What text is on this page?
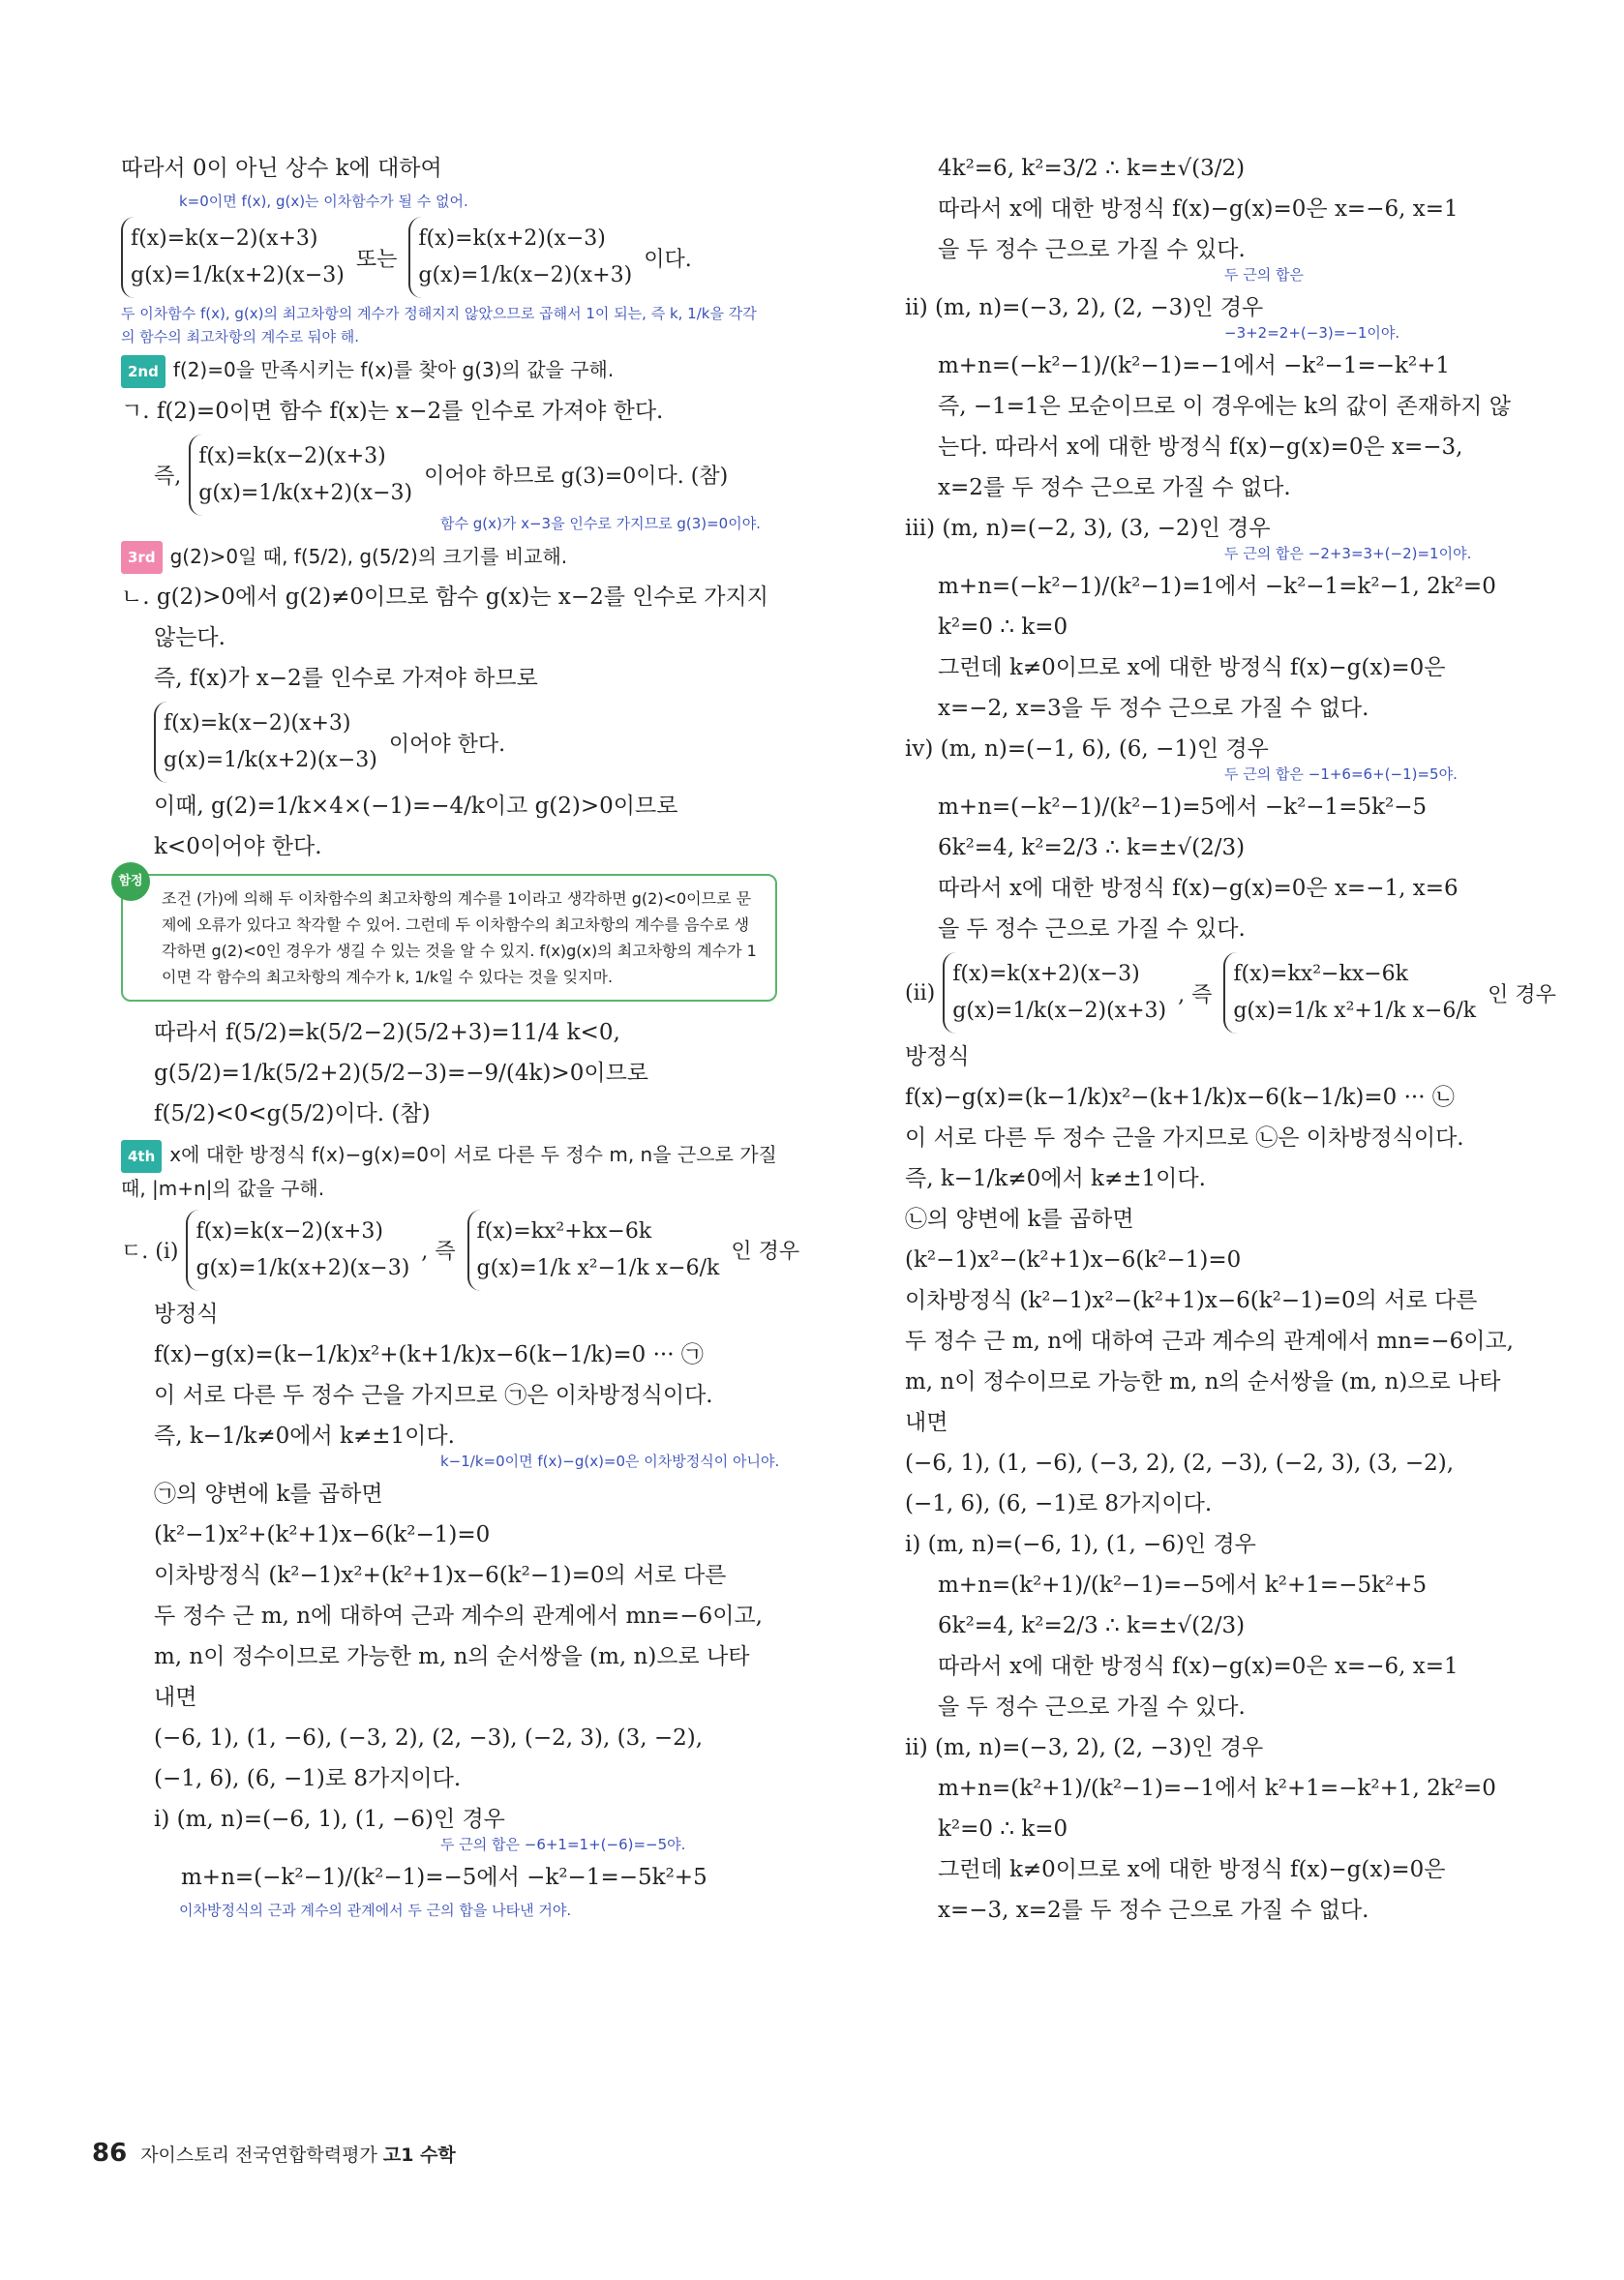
따라서 0이 아닌 상수 k에 대하여
k=0이면 f(x), g(x)는 이차함수가 될 수 없어.
f(x)=k(x−2)(x+3)
g(x)=1/k(x+2)(x−3)
또는
f(x)=k(x+2)(x−3)
g(x)=1/k(x−2)(x+3)
이다.
두 이차함수 f(x), g(x)의 최고차항의 계수가 정해지지 않았으므로 곱해서 1이 되는, 즉 k, 1/k을 각각
의 함수의 최고차항의 계수로 둬야 해.
2nd f(2)=0을 만족시키는 f(x)를 찾아 g(3)의 값을 구해.
ㄱ. f(2)=0이면 함수 f(x)는 x−2를 인수로 가져야 한다.
즉,
f(x)=k(x−2)(x+3)
g(x)=1/k(x+2)(x−3)
이어야 하므로 g(3)=0이다. (참)
함수 g(x)가 x−3을 인수로 가지므로 g(3)=0이야.
3rd g(2)>0일 때, f(5/2), g(5/2)의 크기를 비교해.
ㄴ. g(2)>0에서 g(2)≠0이므로 함수 g(x)는 x−2를 인수로 가지지
않는다.
즉, f(x)가 x−2를 인수로 가져야 하므로
f(x)=k(x−2)(x+3)
g(x)=1/k(x+2)(x−3)
이어야 한다.
이때, g(2)=1/k×4×(−1)=−4/k이고 g(2)>0이므로
k<0이어야 한다.
함정
조건 (가)에 의해 두 이차함수의 최고차항의 계수를 1이라고 생각하면 g(2)<0이므로 문제에 오류가 있다고 착각할 수 있어. 그런데 두 이차함수의 최고차항의 계수를 음수로 생각하면 g(2)<0인 경우가 생길 수 있는 것을 알 수 있지. f(x)g(x)의 최고차항의 계수가 1이면 각 함수의 최고차항의 계수가 k, 1/k일 수 있다는 것을 잊지마.
따라서 f(5/2)=k(5/2−2)(5/2+3)=11/4 k<0,
g(5/2)=1/k(5/2+2)(5/2−3)=−9/(4k)>0이므로
f(5/2)<0<g(5/2)이다. (참)
4th x에 대한 방정식 f(x)−g(x)=0이 서로 다른 두 정수 m, n을 근으로 가질 때, |m+n|의 값을 구해.
ㄷ. (i)
f(x)=k(x−2)(x+3)
g(x)=1/k(x+2)(x−3)
, 즉
f(x)=kx²+kx−6k
g(x)=1/k x²−1/k x−6/k
인 경우
방정식
f(x)−g(x)=(k−1/k)x²+(k+1/k)x−6(k−1/k)=0 ··· ㉠
이 서로 다른 두 정수 근을 가지므로 ㉠은 이차방정식이다.
즉, k−1/k≠0에서 k≠±1이다.
k−1/k=0이면 f(x)−g(x)=0은 이차방정식이 아니야.
㉠의 양변에 k를 곱하면
(k²−1)x²+(k²+1)x−6(k²−1)=0
이차방정식 (k²−1)x²+(k²+1)x−6(k²−1)=0의 서로 다른
두 정수 근 m, n에 대하여 근과 계수의 관계에서 mn=−6이고,
m, n이 정수이므로 가능한 m, n의 순서쌍을 (m, n)으로 나타
내면
(−6, 1), (1, −6), (−3, 2), (2, −3), (−2, 3), (3, −2),
(−1, 6), (6, −1)로 8가지이다.
i) (m, n)=(−6, 1), (1, −6)인 경우
두 근의 합은 −6+1=1+(−6)=−5야.
m+n=(−k²−1)/(k²−1)=−5에서 −k²−1=−5k²+5
이차방정식의 근과 계수의 관계에서 두 근의 합을 나타낸 거야.
4k²=6, k²=3/2 ∴ k=±√(3/2)
따라서 x에 대한 방정식 f(x)−g(x)=0은 x=−6, x=1
을 두 정수 근으로 가질 수 있다.
두 근의 합은
ii) (m, n)=(−3, 2), (2, −3)인 경우
−3+2=2+(−3)=−1이야.
m+n=(−k²−1)/(k²−1)=−1에서 −k²−1=−k²+1
즉, −1=1은 모순이므로 이 경우에는 k의 값이 존재하지 않
는다. 따라서 x에 대한 방정식 f(x)−g(x)=0은 x=−3,
x=2를 두 정수 근으로 가질 수 없다.
iii) (m, n)=(−2, 3), (3, −2)인 경우
두 근의 합은 −2+3=3+(−2)=1이야.
m+n=(−k²−1)/(k²−1)=1에서 −k²−1=k²−1, 2k²=0
k²=0 ∴ k=0
그런데 k≠0이므로 x에 대한 방정식 f(x)−g(x)=0은
x=−2, x=3을 두 정수 근으로 가질 수 없다.
iv) (m, n)=(−1, 6), (6, −1)인 경우
두 근의 합은 −1+6=6+(−1)=5야.
m+n=(−k²−1)/(k²−1)=5에서 −k²−1=5k²−5
6k²=4, k²=2/3 ∴ k=±√(2/3)
따라서 x에 대한 방정식 f(x)−g(x)=0은 x=−1, x=6
을 두 정수 근으로 가질 수 있다.
(ii)
f(x)=k(x+2)(x−3)
g(x)=1/k(x−2)(x+3)
, 즉
f(x)=kx²−kx−6k
g(x)=1/k x²+1/k x−6/k
인 경우
방정식
f(x)−g(x)=(k−1/k)x²−(k+1/k)x−6(k−1/k)=0 ··· ㉡
이 서로 다른 두 정수 근을 가지므로 ㉡은 이차방정식이다.
즉, k−1/k≠0에서 k≠±1이다.
㉡의 양변에 k를 곱하면
(k²−1)x²−(k²+1)x−6(k²−1)=0
이차방정식 (k²−1)x²−(k²+1)x−6(k²−1)=0의 서로 다른
두 정수 근 m, n에 대하여 근과 계수의 관계에서 mn=−6이고,
m, n이 정수이므로 가능한 m, n의 순서쌍을 (m, n)으로 나타
내면
(−6, 1), (1, −6), (−3, 2), (2, −3), (−2, 3), (3, −2),
(−1, 6), (6, −1)로 8가지이다.
i) (m, n)=(−6, 1), (1, −6)인 경우
m+n=(k²+1)/(k²−1)=−5에서 k²+1=−5k²+5
6k²=4, k²=2/3 ∴ k=±√(2/3)
따라서 x에 대한 방정식 f(x)−g(x)=0은 x=−6, x=1
을 두 정수 근으로 가질 수 있다.
ii) (m, n)=(−3, 2), (2, −3)인 경우
m+n=(k²+1)/(k²−1)=−1에서 k²+1=−k²+1, 2k²=0
k²=0 ∴ k=0
그런데 k≠0이므로 x에 대한 방정식 f(x)−g(x)=0은
x=−3, x=2를 두 정수 근으로 가질 수 없다.
86 자이스토리 전국연합학력평가 고1 수학
